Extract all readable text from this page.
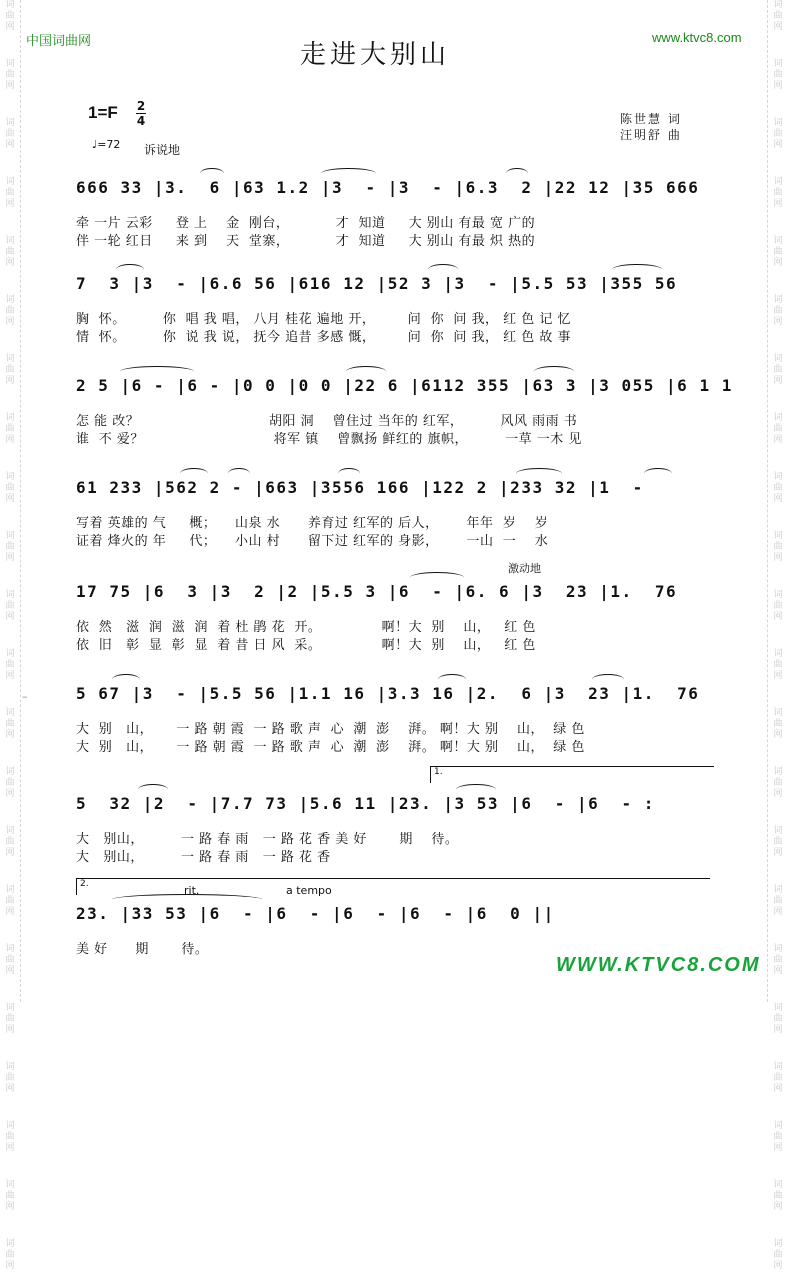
词
曲
网
词
曲
网
词
曲
网
词
曲
网
词
曲
网
词
曲
网
词
曲
网
词
曲
网
词
曲
网
词
曲
网
词
曲
网
词
曲
网
词
曲
网
词
曲
网
词
曲
网
词
曲
网
词
曲
网
词
曲
网
词
曲
网
词
曲
网
词
曲
网
词
曲
网
词
曲
网
词
曲
网
词
曲
网
词
曲
网
词
曲
网
词
曲
网
词
曲
网
词
曲
网
词
曲
网
词
曲
网
词
曲
网
词
曲
网
词
曲
网
词
曲
网
词
曲
网
词
曲
网
词
曲
网
词
曲
网
词
曲
网
词
曲
网
词
曲
网
词
曲
网
中国词曲网	www.ktvc8.com
走进大别山
1=F 2
4
♩=72 诉说地
陈世慧 词
汪明舒 曲
666 33 |3.  6 |63 1.2 |3  - |3  - |6.3  2 |22 12 |35 666
牵 一片 云彩     登 上    金  刚台，          才  知道     大 别山 有最 宽 广的
伴 一轮 红日     来 到    天  堂寨，          才  知道     大 别山 有最 炽 热的
7  3 |3  - |6.6 56 |616 12 |52 3 |3  - |5.5 53 |355 56
胸  怀。        你  唱 我 唱， 八月 桂花 遍地 开，       问  你  问 我， 红 色 记 忆
情  怀。        你  说 我 说， 抚今 追昔 多感 慨，       问  你  问 我， 红 色 故 事
2 5 |6 - |6 - |0 0 |0 0 |22 6 |6112 355 |63 3 |3 055 |6 1 1
怎 能 改？                            胡阳 洞    曾住过 当年的 红军，        风风 雨雨 书
谁  不 爱？                            将军 镇    曾飘扬 鲜红的 旗帜，        一草 一木 见
61 233 |562 2 - |663 |3556 166 |122 2 |233 32 |1  -
写着 英雄的 气     概；    山泉 水      养育过 红军的 后人，      年年  岁    岁
证着 烽火的 年     代；    小山 村      留下过 红军的 身影，      一山  一    水
激动地
17 75 |6  3 |3  2 |2 |5.5 3 |6  - |6. 6 |3  23 |1.  76
依  然   滋  润  滋  润  着 杜 鹃 花  开。             啊！大  别    山，   红 色
依  旧   彰  显  彰  显  着 昔 日 风  采。             啊！大  别    山，   红 色
5 67 |3  - |5.5 56 |1.1 16 |3.3 16 |2.  6 |3  23 |1.  76
大  别   山，     一 路 朝 霞  一 路 歌 声  心  潮  澎    湃。 啊！大 别    山，  绿 色
大  别   山，     一 路 朝 霞  一 路 歌 声  心  潮  澎    湃。 啊！大 别    山，  绿 色
1.
5  32 |2  - |7.7 73 |5.6 11 |23. |3 53 |6  - |6  - :
大   别山，        一 路 春 雨   一 路 花 香 美 好       期    待。
大   别山，        一 路 春 雨   一 路 花 香
2.	rit.	a tempo
23. |33 53 |6  - |6  - |6  - |6  - |6  0 ||
美 好      期       待。
–
WWW.KTVC8.COM
